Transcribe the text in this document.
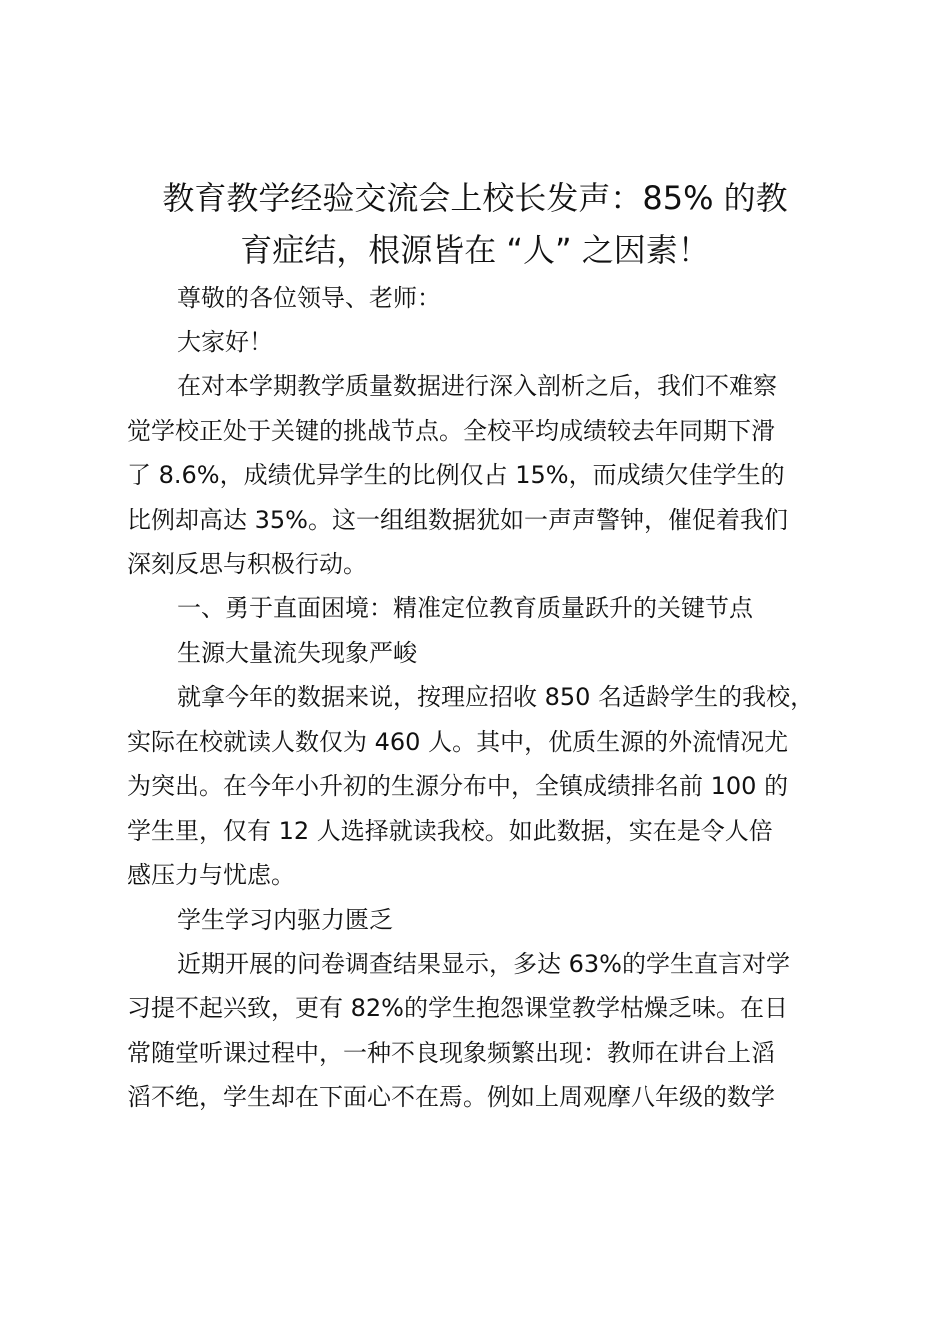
教育教学经验交流会上校长发声：85% 的教
育症结，根源皆在 “人” 之因素！
尊敬的各位领导、老师：
大家好！
在对本学期教学质量数据进行深入剖析之后，我们不难察
觉学校正处于关键的挑战节点。全校平均成绩较去年同期下滑
了 8.6%，成绩优异学生的比例仅占 15%，而成绩欠佳学生的
比例却高达 35%。这一组组数据犹如一声声警钟，催促着我们
深刻反思与积极行动。
一、勇于直面困境：精准定位教育质量跃升的关键节点
生源大量流失现象严峻
就拿今年的数据来说，按理应招收 850 名适龄学生的我校，
实际在校就读人数仅为 460 人。其中，优质生源的外流情况尤
为突出。在今年小升初的生源分布中，全镇成绩排名前 100 的
学生里，仅有 12 人选择就读我校。如此数据，实在是令人倍
感压力与忧虑。
学生学习内驱力匮乏
近期开展的问卷调查结果显示，多达 63%的学生直言对学
习提不起兴致，更有 82%的学生抱怨课堂教学枯燥乏味。在日
常随堂听课过程中，一种不良现象频繁出现：教师在讲台上滔
滔不绝，学生却在下面心不在焉。例如上周观摩八年级的数学
